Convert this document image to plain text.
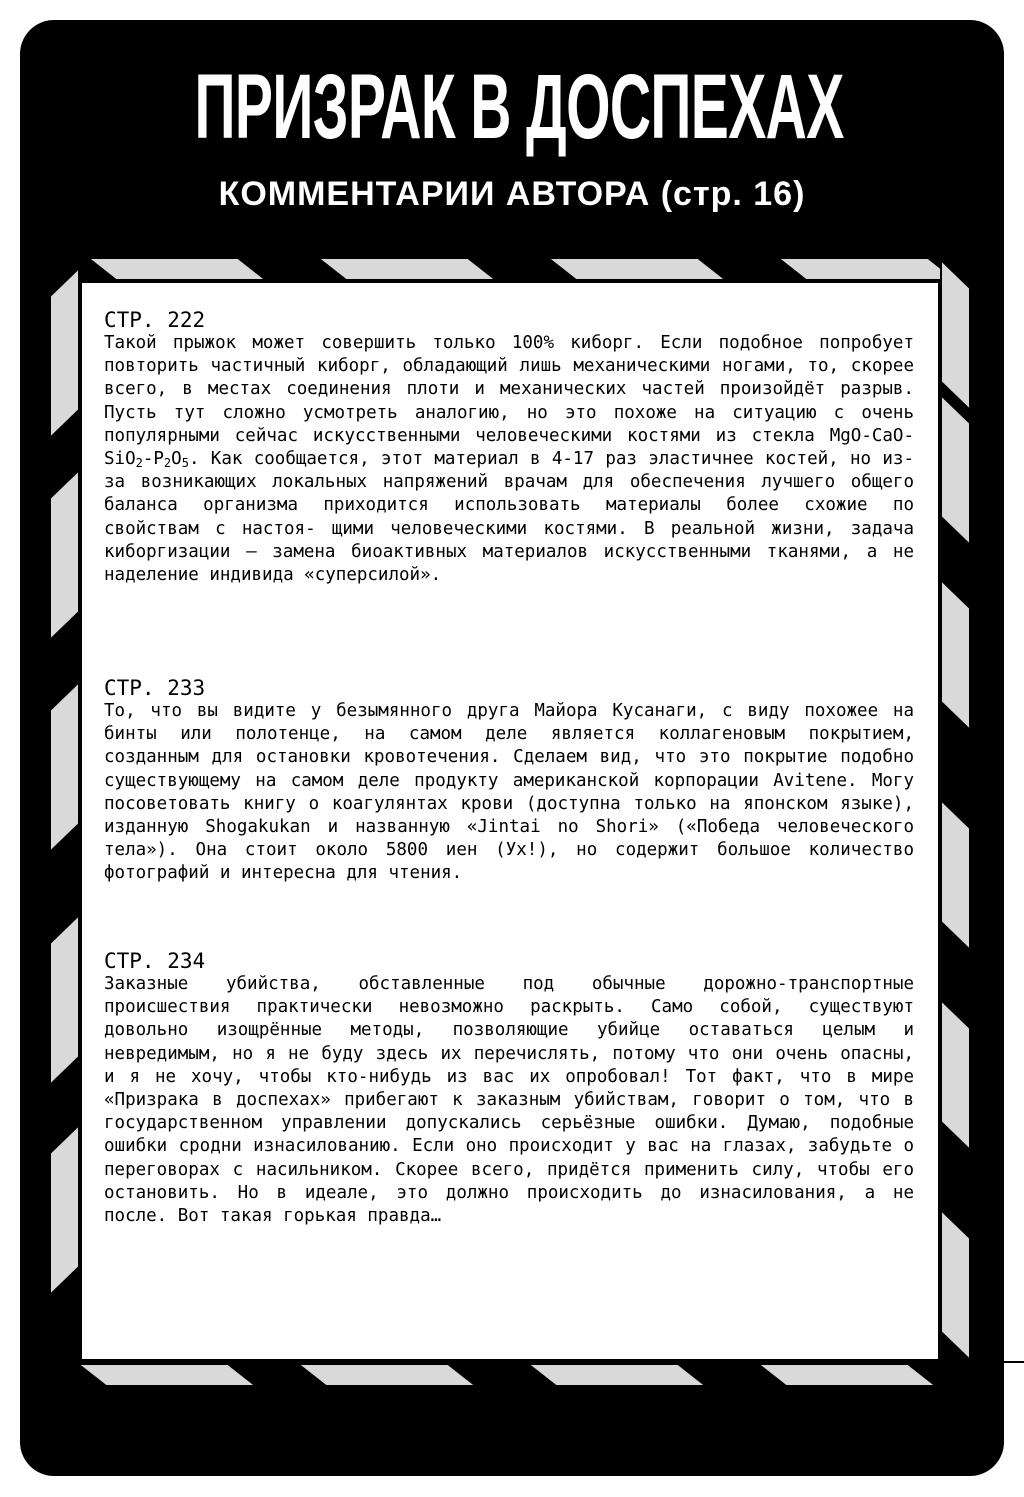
ПРИЗРАК В ДОСПЕХАХ
КОММЕНТАРИИ АВТОРА (стр. 16)
СТР. 222

Такой прыжок может совершить только 100% киборг. Если подобное попробует повторить частичный киборг, обладающий лишь механическими ногами, то, скорее всего, в местах соединения плоти и механических частей произойдёт разрыв. Пусть тут сложно усмотреть аналогию, но это похоже на ситуацию с очень популярными сейчас искусственными человеческими костями из стекла MgO-$CaO-SiO_2-P_2O_5$. Как сообщается, этот материал в 4-17 раз эластичнее костей, но из-за возникающих локальных напряжений врачам для обеспечения лучшего общего баланса организма приходится использовать материалы более схожие по свойствам с настоя- щими человеческими костями. В реальной жизни, задача киборгизации – замена биоактивных материалов искусственными тканями, а не наделение индивида «суперсилой».

СТР. 233

То, что вы видите у безымянного друга Майора Кусанаги, с виду похожее на бинты или полотенце, на самом деле является коллагеновым покрытием, созданным для остановки кровотечения. Сделаем вид, что это покрытие подобно существующему на самом деле продукту американской корпорации Avitene. Могу посоветовать книгу о коагулянтах крови (доступна только на японском языке), изданную Shogakukan и названную «Jintai no Shori» («Победа человеческого тела»). Она стоит около 5800 иен (Ух!), но содержит большое количество фотографий и интересна для чтения.

СТР. 234

Заказные убийства, обставленные под обычные дорожно-транспортные происшествия практически невозможно раскрыть. Само собой, существуют довольно изощрённые методы, позволяющие убийце оставаться целым и невредимым, но я не буду здесь их перечислять, потому что они очень опасны, и я не хочу, чтобы кто-нибудь из вас их опробовал! Тот факт, что в мире «Призрака в доспехах» прибегают к заказным убийствам, говорит о том, что в государственном управлении допускались серьёзные ошибки. Думаю, подобные ошибки сродни изнасилованию. Если оно происходит у вас на глазах, забудьте о переговорах с насильником. Скорее всего, придётся применить силу, чтобы его остановить. Но в идеале, это должно происходить до изнасилования, а не после. Вот такая горькая правда…
